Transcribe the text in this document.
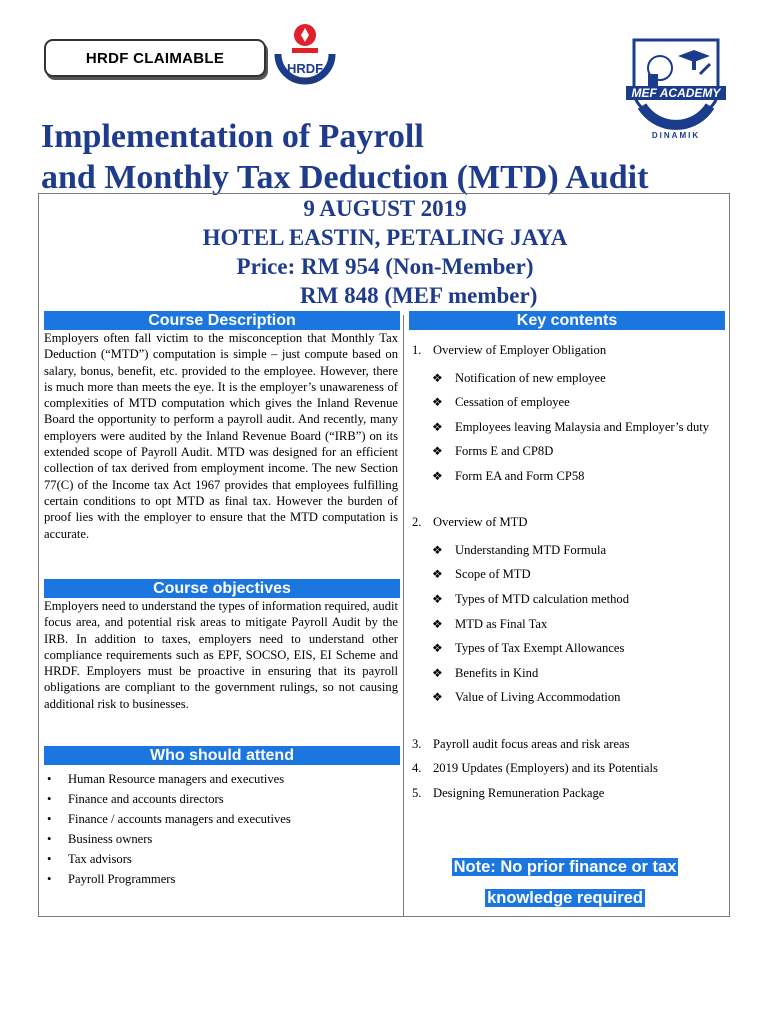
HRDF CLAIMABLE
HRDF
MALAYSIA
MEF ACADEMY
DINAMIK
Implementation of Payroll
and Monthly Tax Deduction (MTD) Audit
9 AUGUST 2019
HOTEL EASTIN, PETALING JAYA
Price: RM 954 (Non-Member)
RM 848 (MEF member)
Course Description
Employers often fall victim to the misconception that Monthly Tax Deduction (“MTD”) computation is simple – just compute based on salary, bonus, benefit, etc. provided to the employee. However, there is much more than meets the eye. It is the employer’s unawareness of complexities of MTD computation which gives the Inland Revenue Board the opportunity to perform a payroll audit. And recently, many employers were audited by the Inland Revenue Board (“IRB”) on its extended scope of Payroll Audit. MTD was designed for an efficient collection of tax derived from employment income. The new Section 77(C) of the Income tax Act 1967 provides that employees fulfilling certain conditions to opt MTD as final tax. However the burden of proof lies with the employer to ensure that the MTD computation is accurate.
Course objectives
Employers need to understand the types of information required, audit focus area, and potential risk areas to mitigate Payroll Audit by the IRB. In addition to taxes, employers need to understand other compliance requirements such as EPF, SOCSO, EIS, EI Scheme and HRDF. Employers must be proactive in ensuring that its payroll obligations are compliant to the government rulings, so not causing additional risk to businesses.
Who should attend
• Human Resource managers and executives
• Finance and accounts directors
• Finance / accounts managers and executives
• Business owners
• Tax advisors
• Payroll Programmers
Key contents
1. Overview of Employer Obligation
❖ Notification of new employee
❖ Cessation of employee
❖ Employees leaving Malaysia and Employer’s duty
❖ Forms E and CP8D
❖ Form EA and Form CP58
2. Overview of MTD
❖ Understanding MTD Formula
❖ Scope of MTD
❖ Types of MTD calculation method
❖ MTD as Final Tax
❖ Types of Tax Exempt Allowances
❖ Benefits in Kind
❖ Value of Living Accommodation
3. Payroll audit focus areas and risk areas
4. 2019 Updates (Employers) and its Potentials
5. Designing Remuneration Package
Note: No prior finance or tax
knowledge required
